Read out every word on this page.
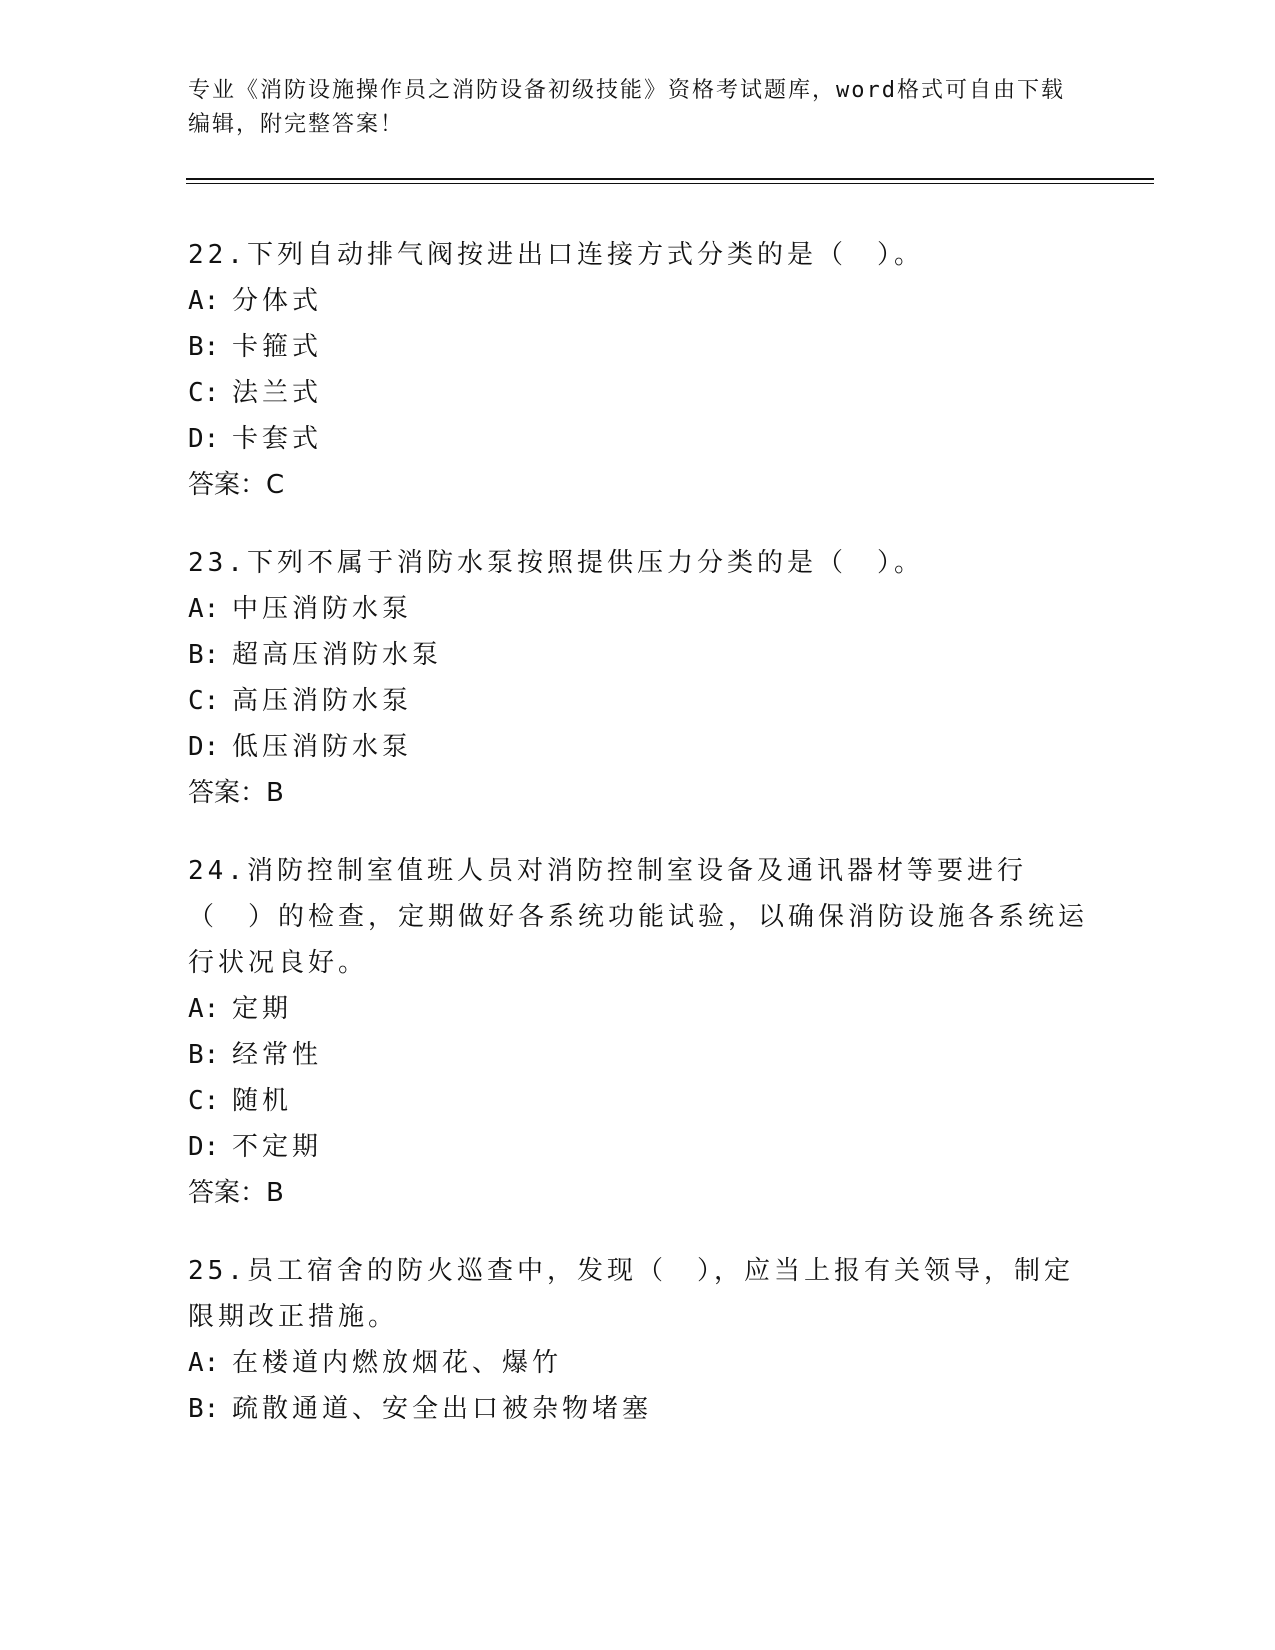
专业《消防设施操作员之消防设备初级技能》资格考试题库，word格式可自由下载编辑，附完整答案！

22.下列自动排气阀按进出口连接方式分类的是（　）。

A: 分体式

B: 卡箍式

C: 法兰式

D: 卡套式

答案：C

23.下列不属于消防水泵按照提供压力分类的是（　）。

A: 中压消防水泵

B: 超高压消防水泵

C: 高压消防水泵

D: 低压消防水泵

答案：B

24.消防控制室值班人员对消防控制室设备及通讯器材等要进行（　）的检查，定期做好各系统功能试验，以确保消防设施各系统运行状况良好。

A: 定期

B: 经常性

C: 随机

D: 不定期

答案：B

25.员工宿舍的防火巡查中，发现（　），应当上报有关领导，制定限期改正措施。

A: 在楼道内燃放烟花、爆竹

B: 疏散通道、安全出口被杂物堵塞
